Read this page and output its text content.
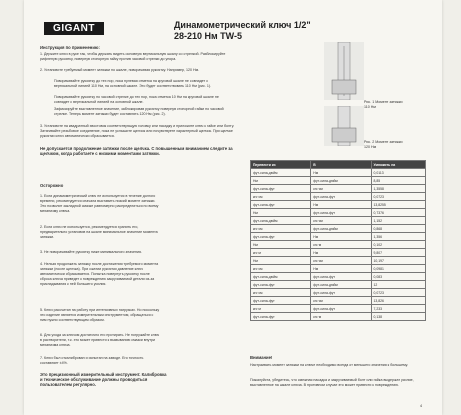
GIGANT	Динамометрический ключ 1/2"
28-210 Нм TW-5
Инструкция по применению:
1. Держите ключ в руке так, чтобы держать видеть основную вертикальную шкалу со стрелкой. Разблокируйте рифленую рукоятку, повернув стопорную гайку против часовой стрелки до упора.
2. Установите требуемый момент затяжки по шкале, поворачивая рукоятку. Например, 120 Нм.
Поворачивайте рукоятку до тех пор, пока нулевая отметка на круговой шкале не совпадет с вертикальной линией 110 Нм, на основной шкале. Это будет соответствовать 110 Нм (рис. 1).
Поворачивайте рукоятку по часовой стрелке до тех пор, пока отметка 10 Нм на круговой шкале не совпадет с вертикальной линией на основной шкале.
Зафиксируйте выставленное значение, заблокировав рукоятку повернув стопорной гайки по часовой стрелке. Теперь момент затяжки будет составлять 120 Нм (рис. 2).
3. Установите на квадратный хвостовик соответствующую головку или насадку и приложите ключ к гайке или болту. Затягивайте резьбовое соединение, пока не услышите щелчок или почувствуете характерный щелчок. При щелчке рукоятки ключ автоматически сбрасывается.
Не допускается продолжение затяжки после щелчка. С повышенным вниманием следите за щелчком, когда работаете с низкими моментами затяжки.
Рис. 1 Момент затяжки 110 Нм
Рис. 2 Момент затяжки 120 Нм
Осторожно
1. Если динамометрический ключ не используется в течение долгого времени, рекомендуется сначала выставить низкий момент затяжки. Это позволит закладной смазке равномерно распределиться по всему механизму ключа.
2. Если ключ не используется, рекомендуется хранить его, предварительно установив на шкале минимальное значение момента затяжки.
3. Не поворачивайте рукоятку ниже минимального значения.
4. Нельзя продолжать затяжку после достижения требуемого момента затяжки (после щелчка). При сжатии рукоятки давление ключ автоматически сбрасывается. Попытка повернуть рукоятку после сброса ключа приведет к повреждению закручиваемой детали из-за прикладывания к ней большего усилия.
5. Ключ рассчитан на работу при интенсивных нагрузках. Но поскольку это изделие является измерительным инструментом, обращаться с ним нужно соответствующим образом.
6. Для ухода за ключом достаточно его протирать. Не погружайте ключ в растворители, т.к. это может привести к вымыванию смазки внутри механизма ключа.
7. Ключ был откалиброван и испытан на заводе. Его точность составляет ±4%.
Это прецизионный измерительный инструмент. Калибровка и техническое обслуживание должны проводиться пользователем регулярно.
Перевести из	В	Умножить на
фут-сила-дюйм	Нм	0,0113
Нм	фут-сила-дюйм	8,85
фут-сила-фут	кгс·см	1,3558
кгс·см	фут-сила-фут	0,0723
фут-сила-фут	Нм	13,8255
Нм	фут-сила-фут	0,7376
фут-сила-дюйм	кгс·см	1,152
кгс·см	фут-сила-дюйм	0,868
фут-сила-фут	Нм	1,356
Нм	кгс·м	0,102
кгс·м	Нм	9,807
Нм	кгс·см	10,197
кгс·см	Нм	0,0981
фут-сила-дюйм	фут-сила-фут	0,083
фут-сила-фут	фут-сила-дюйм	12
кгс·см	фут-сила-фут	0,0723
фут-сила-фут	кгс·см	13,826
кгс·м	фут-сила-фут	7,233
фут-сила-фут	кгс·м	0,138
Внимание!
Настраивать момент затяжки на ключе необходимо всегда от меньшего значения к большему.
Пожалуйста, убедитесь, что смежная насадка и закручиваемый болт или гайка выдержат усилие, выставленное на шкале ключа. В противном случае это может привести к повреждению.
4
